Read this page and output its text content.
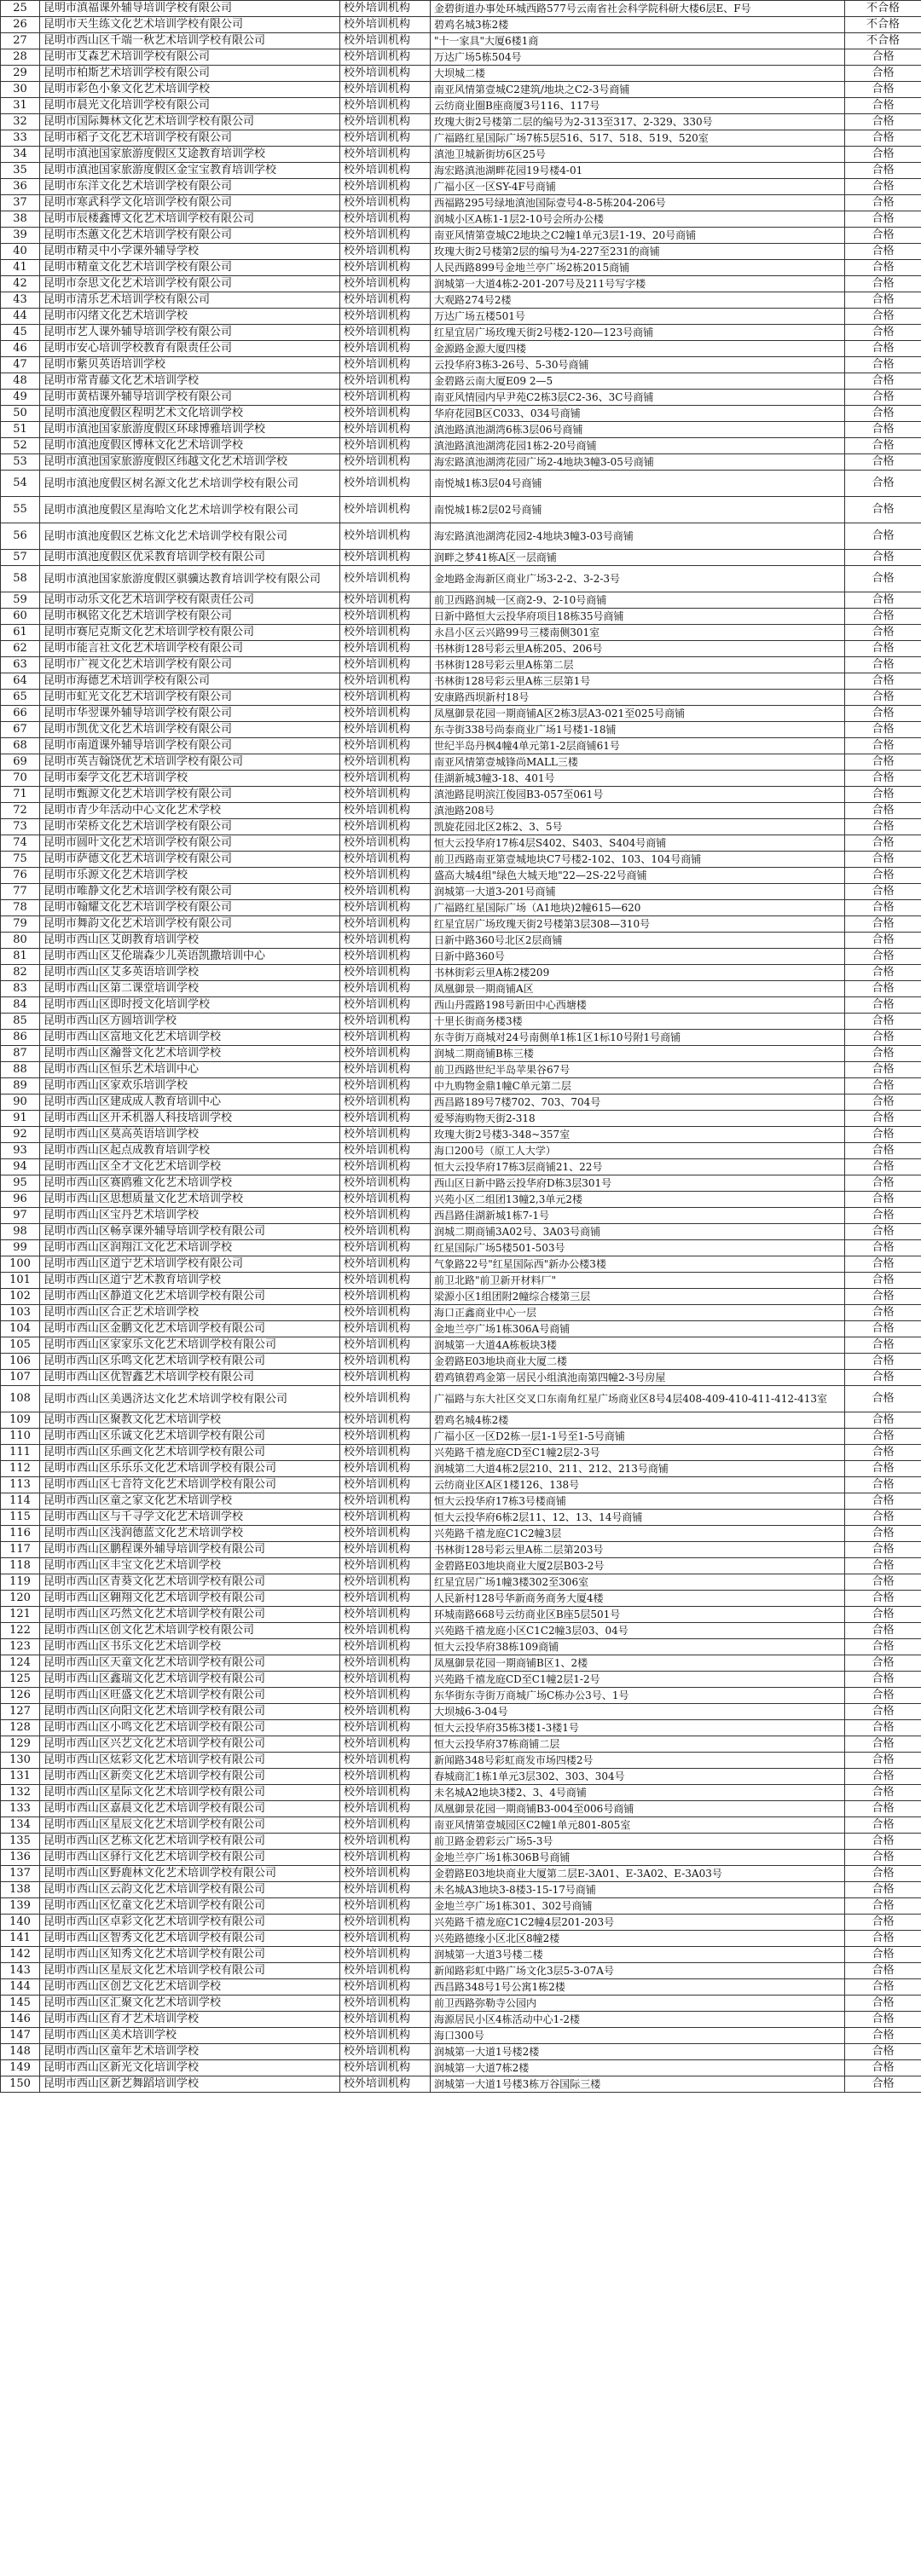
25	昆明市滇福课外辅导培训学校有限公司	校外培训机构	金碧街道办事处环城西路577号云南省社会科学院科研大楼6层E、F号	不合格
26	昆明市天生练文化艺术培训学校有限公司	校外培训机构	碧鸡名城3栋2楼	不合格
27	昆明市西山区千端一秋艺术培训学校有限公司	校外培训机构	"十一家具"大厦6楼1商	不合格
28	昆明市艾森艺术培训学校有限公司	校外培训机构	万达广场5栋504号	合格
29	昆明市柏斯艺术培训学校有限公司	校外培训机构	大坝城二楼	合格
30	昆明市彩色小象文化艺术培训学校	校外培训机构	南亚风情第壹城C2建筑/地块之C2-3号商铺	合格
31	昆明市晨光文化培训学校有限公司	校外培训机构	云纺商业圈B座商厦3号116、117号	合格
32	昆明市国际舞林文化艺术培训学校有限公司	校外培训机构	玫瑰大街2号楼第二层的编号为2-313至317、2-329、330号	合格
33	昆明市稻子文化艺术培训学校有限公司	校外培训机构	广福路红星国际广场7栋5层516、517、518、519、520室	合格
34	昆明市滇池国家旅游度假区艾途教育培训学校	校外培训机构	滇池卫城新街坊6区25号	合格
35	昆明市滇池国家旅游度假区金宝宝教育培训学校	校外培训机构	海宏路滇池湖畔花园19号楼4-01	合格
36	昆明市东洋文化艺术培训学校有限公司	校外培训机构	广福小区一区SY-4F号商铺	合格
37	昆明市寒武科学文化培训学校有限公司	校外培训机构	西福路295号绿地滇池国际壹号4-8-5栋204-206号	合格
38	昆明市辰楼鑫博文化艺术培训学校有限公司	校外培训机构	润城小区A栋1-1层2-10号会所办公楼	合格
39	昆明市杰蕙文化艺术培训学校有限公司	校外培训机构	南亚风情第壹城C2地块之C2幢1单元3层1-19、20号商铺	合格
40	昆明市精灵中小学课外辅导学校	校外培训机构	玫瑰大街2号楼第2层的编号为4-227至231的商铺	合格
41	昆明市精童文化艺术培训学校有限公司	校外培训机构	人民西路899号金地兰亭广场2栋2015商铺	合格
42	昆明市奈思文化艺术培训学校有限公司	校外培训机构	润城第一大道4栋2-201-207号及211号写字楼	合格
43	昆明市清乐艺术培训学校有限公司	校外培训机构	大观路274号2楼	合格
44	昆明市闪绪文化艺术培训学校	校外培训机构	万达广场五楼501号	合格
45	昆明市艺人课外辅导培训学校有限公司	校外培训机构	红星宜居广场玫瑰天街2号楼2-120—123号商铺	合格
46	昆明市安心培训学校教育有限责任公司	校外培训机构	金源路金源大厦四楼	合格
47	昆明市紫贝英语培训学校	校外培训机构	云投华府3栋3-26号、5-30号商铺	合格
48	昆明市常青藤文化艺术培训学校	校外培训机构	金碧路云南大厦E09 2—5	合格
49	昆明市黄桔课外辅导培训学校有限公司	校外培训机构	南亚风情园内早尹苑C2栋3层C2-36、3C号商铺	合格
50	昆明市滇池度假区程明艺术文化培训学校	校外培训机构	华府花园B区C033、034号商铺	合格
51	昆明市滇池国家旅游度假区环球博雅培训学校	校外培训机构	滇池路滇池湖湾6栋3层06号商铺	合格
52	昆明市滇池度假区博林文化艺术培训学校	校外培训机构	滇池路滇池湖湾花园1栋2-20号商铺	合格
53	昆明市滇池国家旅游度假区纬越文化艺术培训学校	校外培训机构	海宏路滇池湖湾花园广场2-4地块3幢3-05号商铺	合格
54	昆明市滇池度假区树名源文化艺术培训学校有限公司	校外培训机构	南悦城1栋3层04号商铺	合格
55	昆明市滇池度假区星海哈文化艺术培训学校有限公司	校外培训机构	南悦城1栋2层02号商铺	合格
56	昆明市滇池度假区艺栋文化艺术培训学校有限公司	校外培训机构	海宏路滇池湖湾花园2-4地块3幢3-03号商铺	合格
57	昆明市滇池度假区优采教育培训学校有限公司	校外培训机构	润畔之梦41栋A区一层商铺	合格
58	昆明市滇池国家旅游度假区骐骥达教育培训学校有限公司	校外培训机构	金地路金海新区商业广场3-2-2、3-2-3号	合格
59	昆明市动乐文化艺术培训学校有限责任公司	校外培训机构	前卫西路润城一区商2-9、2-10号商铺	合格
60	昆明市枫铭文化艺术培训学校有限公司	校外培训机构	日新中路恒大云投华府项目18栋35号商铺	合格
61	昆明市赛尼克斯文化艺术培训学校有限公司	校外培训机构	永昌小区云兴路99号三楼南侧301室	合格
62	昆明市能言社文化艺术培训学校有限公司	校外培训机构	书林街128号彩云里A栋205、206号	合格
63	昆明市广视文化艺术培训学校有限公司	校外培训机构	书林街128号彩云里A栋第二层	合格
64	昆明市海德艺术培训学校有限公司	校外培训机构	书林街128号彩云里A栋三层第1号	合格
65	昆明市虹光文化艺术培训学校有限公司	校外培训机构	安康路西坝新村18号	合格
66	昆明市华翌课外辅导培训学校有限公司	校外培训机构	凤凰御景花园一期商铺A区2栋3层A3-021至025号商铺	合格
67	昆明市凯优文化艺术培训学校有限公司	校外培训机构	东寺街338号尚泰商业广场1号楼1-18铺	合格
68	昆明市南道课外辅导培训学校有限公司	校外培训机构	世纪半岛丹枫4幢4单元第1-2层商铺61号	合格
69	昆明市英吉翰饶优艺术培训学校有限公司	校外培训机构	南亚风情第壹城锋尚MALL三楼	合格
70	昆明市秦学文化艺术培训学校	校外培训机构	佳湖新城3幢3-18、401号	合格
71	昆明市甄源文化艺术培训学校有限公司	校外培训机构	滇池路昆明滨江俊园B3-057至061号	合格
72	昆明市青少年活动中心文化艺术学校	校外培训机构	滇池路208号	合格
73	昆明市荣桥文化艺术培训学校有限公司	校外培训机构	凯旋花园北区2栋2、3、5号	合格
74	昆明市圆叶文化艺术培训学校有限公司	校外培训机构	恒大云投华府17栋4层S402、S403、S404号商铺	合格
75	昆明市萨德文化艺术培训学校有限公司	校外培训机构	前卫西路南亚第壹城地块C7号楼2-102、103、104号商铺	合格
76	昆明市乐源文化艺术培训学校	校外培训机构	盛高大城4组"绿色大城天地"22—2S-22号商铺	合格
77	昆明市唯静文化艺术培训学校有限公司	校外培训机构	润城第一大道3-201号商铺	合格
78	昆明市翰耀文化艺术培训学校有限公司	校外培训机构	广福路红星国际广场（A1地块)2幢615—620	合格
79	昆明市舞韵文化艺术培训学校有限公司	校外培训机构	红星宜居广场玫瑰天街2号楼第3层308—310号	合格
80	昆明市西山区艾朗教育培训学校	校外培训机构	日新中路360号北区2层商铺	合格
81	昆明市西山区艾伦瑞森少儿英语凯撒培训中心	校外培训机构	日新中路360号	合格
82	昆明市西山区艾多英语培训学校	校外培训机构	书林街彩云里A栋2楼209	合格
83	昆明市西山区第二课堂培训学校	校外培训机构	凤凰御景一期商铺A区	合格
84	昆明市西山区即时授文化培训学校	校外培训机构	西山丹霞路198号新田中心西塘楼	合格
85	昆明市西山区方圆培训学校	校外培训机构	十里长街商务楼3楼	合格
86	昆明市西山区富地文化艺术培训学校	校外培训机构	东寺街万商城对24号南侧单1栋1区1标10号附1号商铺	合格
87	昆明市西山区瀚誉文化艺术培训学校	校外培训机构	润城二期商铺B栋三楼	合格
88	昆明市西山区恒乐艺术培训中心	校外培训机构	前卫西路世纪半岛苹果谷67号	合格
89	昆明市西山区家欢乐培训学校	校外培训机构	中九购物金鼎1幢C单元第二层	合格
90	昆明市西山区建成成人教育培训中心	校外培训机构	西昌路189号7楼702、703、704号	合格
91	昆明市西山区开禾机器人科技培训学校	校外培训机构	爱琴海购物天街2-318	合格
92	昆明市西山区莫高英语培训学校	校外培训机构	玫瑰大街2号楼3-348~357室	合格
93	昆明市西山区起点成教育培训学校	校外培训机构	海口200号（原工人大学）	合格
94	昆明市西山区全才文化艺术培训学校	校外培训机构	恒大云投华府17栋3层商铺21、22号	合格
95	昆明市西山区赛鸥雅文化艺术培训学校	校外培训机构	西山区日新中路云投华府D栋3层301号	合格
96	昆明市西山区思想质量文化艺术培训学校	校外培训机构	兴苑小区二组团13幢2,3单元2楼	合格
97	昆明市西山区宝丹艺术培训学校	校外培训机构	西昌路佳湖新城1栋7-1号	合格
98	昆明市西山区畅享课外辅导培训学校有限公司	校外培训机构	润城二期商铺3A02号、3A03号商铺	合格
99	昆明市西山区润翔江文化艺术培训学校	校外培训机构	红星国际广场5楼501-503号	合格
100	昆明市西山区道宁艺术培训学校有限公司	校外培训机构	气象路22号"红星国际西"新办公楼3楼	合格
101	昆明市西山区道宁艺术教育培训学校	校外培训机构	前卫北路"前卫新开材料厂"	合格
102	昆明市西山区静道文化艺术培训学校有限公司	校外培训机构	梁源小区1组团附2幢综合楼第三层	合格
103	昆明市西山区合正艺术培训学校	校外培训机构	海口正鑫商业中心一层	合格
104	昆明市西山区金鹏文化艺术培训学校有限公司	校外培训机构	金地兰亭广场1栋306A号商铺	合格
105	昆明市西山区家家乐文化艺术培训学校有限公司	校外培训机构	润城第一大道4A栋板块3楼	合格
106	昆明市西山区乐鸣文化艺术培训学校有限公司	校外培训机构	金碧路E03地块商业大厦二楼	合格
107	昆明市西山区优智鑫艺术培训学校有限公司	校外培训机构	碧鸡镇碧鸡金第一居民小组滇池南第四幢2-3号房屋	合格
108	昆明市西山区美遇济达文化艺术培训学校有限公司	校外培训机构	广福路与东大社区交叉口东南角红星广场商业区8号4层408-409-410-411-412-413室	合格
109	昆明市西山区聚教文化艺术培训学校	校外培训机构	碧鸡名城4栋2楼	合格
110	昆明市西山区乐诚文化艺术培训学校有限公司	校外培训机构	广福小区一区D2栋一层1-1号至1-5号商铺	合格
111	昆明市西山区乐画文化艺术培训学校有限公司	校外培训机构	兴苑路千禧龙庭CD至C1幢2层2-3号	合格
112	昆明市西山区乐乐乐文化艺术培训学校有限公司	校外培训机构	润城第二大道4栋2层210、211、212、213号商铺	合格
113	昆明市西山区七音符文化艺术培训学校有限公司	校外培训机构	云纺商业区A区1楼126、138号	合格
114	昆明市西山区童之家文化艺术培训学校	校外培训机构	恒大云投华府17栋3号楼商铺	合格
115	昆明市西山区与千寻学文化艺术培训学校	校外培训机构	恒大云投华府6栋2层11、12、13、14号商铺	合格
116	昆明市西山区浅润德蓝文化艺术培训学校	校外培训机构	兴苑路千禧龙庭C1C2幢3层	合格
117	昆明市西山区鹏程课外辅导培训学校有限公司	校外培训机构	书林街128号彩云里A栋二层第203号	合格
118	昆明市西山区丰宝文化艺术培训学校	校外培训机构	金碧路E03地块商业大厦2层B03-2号	合格
119	昆明市西山区青葵文化艺术培训学校有限公司	校外培训机构	红星宜居广场1幢3楼302至306室	合格
120	昆明市西山区翱翔文化艺术培训学校有限公司	校外培训机构	人民新村128号华新商务商务大厦4楼	合格
121	昆明市西山区巧然文化艺术培训学校有限公司	校外培训机构	环城南路668号云纺商业区B座5层501号	合格
122	昆明市西山区创文化艺术培训学校有限公司	校外培训机构	兴苑路千禧龙庭小区C1C2幢3层03、04号	合格
123	昆明市西山区书乐文化艺术培训学校	校外培训机构	恒大云投华府38栋109商铺	合格
124	昆明市西山区天童文化艺术培训学校有限公司	校外培训机构	凤凰御景花园一期商铺B区1、2楼	合格
125	昆明市西山区鑫瑞文化艺术培训学校有限公司	校外培训机构	兴苑路千禧龙庭CD至C1幢2层1-2号	合格
126	昆明市西山区旺盛文化艺术培训学校有限公司	校外培训机构	东华街东寺街万商城广场C栋办公3号、1号	合格
127	昆明市西山区向阳文化艺术培训学校有限公司	校外培训机构	大坝城6-3-04号	合格
128	昆明市西山区小鸣文化艺术培训学校有限公司	校外培训机构	恒大云投华府35栋3楼1-3楼1号	合格
129	昆明市西山区兴艺文化艺术培训学校有限公司	校外培训机构	恒大云投华府37栋商铺二层	合格
130	昆明市西山区炫彩文化艺术培训学校有限公司	校外培训机构	新闻路348号彩虹商发市场四楼2号	合格
131	昆明市西山区新奕文化艺术培训学校有限公司	校外培训机构	春城商汇1栋1单元3层302、303、304号	合格
132	昆明市西山区星际文化艺术培训学校有限公司	校外培训机构	未名城A2地块3楼2、3、4号商铺	合格
133	昆明市西山区嘉晨文化艺术培训学校有限公司	校外培训机构	凤凰御景花园一期商铺B3-004至006号商铺	合格
134	昆明市西山区星辰文化艺术培训学校有限公司	校外培训机构	南亚风情第壹城园区C2幢1单元801-805室	合格
135	昆明市西山区艺栋文化艺术培训学校有限公司	校外培训机构	前卫路金碧彩云广场5-3号	合格
136	昆明市西山区驿行文化艺术培训学校有限公司	校外培训机构	金地兰亭广场1栋306B号商铺	合格
137	昆明市西山区野鹿林文化艺术培训学校有限公司	校外培训机构	金碧路E03地块商业大厦第二层E-3A01、E-3A02、E-3A03号	合格
138	昆明市西山区云韵文化艺术培训学校有限公司	校外培训机构	未名城A3地块3-8楼3-15-17号商铺	合格
139	昆明市西山区忆童文化艺术培训学校有限公司	校外培训机构	金地兰亭广场1栋301、302号商铺	合格
140	昆明市西山区卓彩文化艺术培训学校有限公司	校外培训机构	兴苑路千禧龙庭C1C2幢4层201-203号	合格
141	昆明市西山区智秀文化艺术培训学校有限公司	校外培训机构	兴苑路德缘小区北区8幢2楼	合格
142	昆明市西山区知秀文化艺术培训学校有限公司	校外培训机构	润城第一大道3号楼二楼	合格
143	昆明市西山区星辰文化艺术培训学校有限公司	校外培训机构	新闻路彩虹中路广场文化3层5-3-07A号	合格
144	昆明市西山区创艺文化艺术培训学校	校外培训机构	西昌路348号1号公寓1栋2楼	合格
145	昆明市西山区汇聚文化艺术培训学校	校外培训机构	前卫西路弥勒寺公园内	合格
146	昆明市西山区育才艺术培训学校	校外培训机构	海源居民小区4栋活动中心1-2楼	合格
147	昆明市西山区美术培训学校	校外培训机构	海口300号	合格
148	昆明市西山区童年艺术培训学校	校外培训机构	润城第一大道1号楼2楼	合格
149	昆明市西山区新光文化培训学校	校外培训机构	润城第一大道7栋2楼	合格
150	昆明市西山区新艺舞蹈培训学校	校外培训机构	润城第一大道1号楼3栋万谷国际三楼	合格
